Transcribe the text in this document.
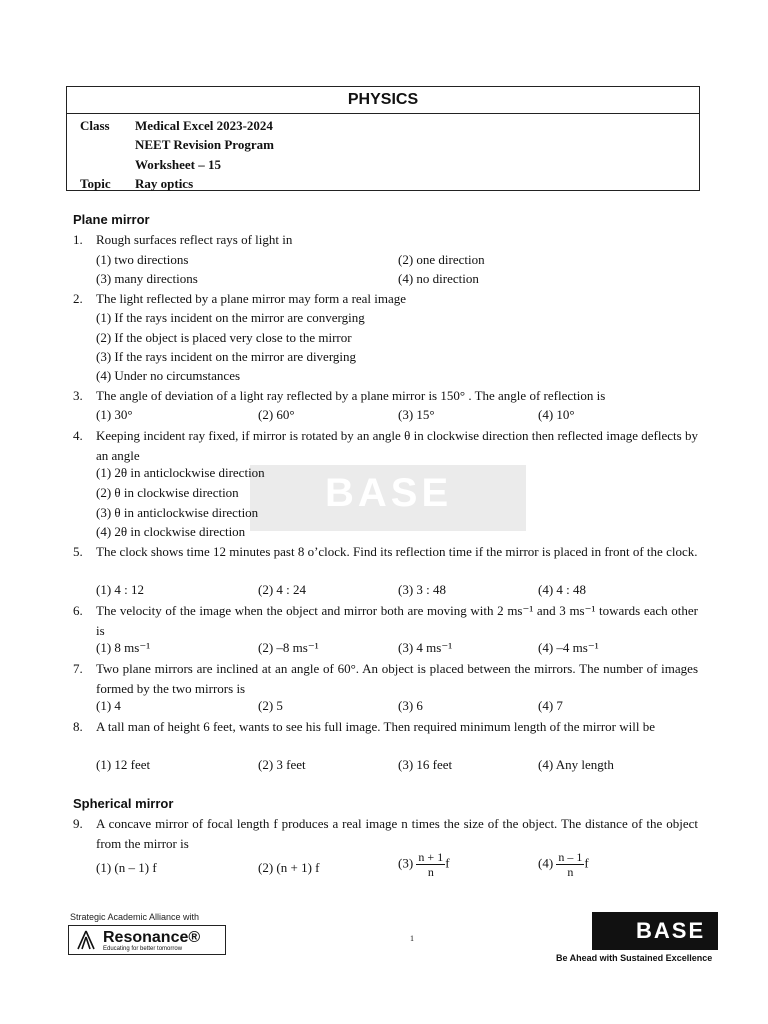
PHYSICS
Class Medical Excel 2023-2024
NEET Revision Program
Worksheet – 15
Topic Ray optics
BASE
Plane mirror
1. Rough surfaces reflect rays of light in
(1) two directions	(2) one direction
(3) many directions	(4) no direction
2. The light reflected by a plane mirror may form a real image
(1) If the rays incident on the mirror are converging
(2) If the object is placed very close to the mirror
(3) If the rays incident on the mirror are diverging
(4) Under no circumstances
3. The angle of deviation of a light ray reflected by a plane mirror is 150° . The angle of reflection is
(1) 30°	(2) 60°	(3) 15°	(4) 10°
4. Keeping incident ray fixed, if mirror is rotated by an angle θ in clockwise direction then reflected image deflects by an angle
(1) 2θ in anticlockwise direction
(2) θ in clockwise direction
(3) θ in anticlockwise direction
(4) 2θ in clockwise direction
5. The clock shows time 12 minutes past 8 o’clock. Find its reflection time if the mirror is placed in front of the clock.
(1) 4 : 12	(2) 4 : 24	(3) 3 : 48	(4) 4 : 48
6. The velocity of the image when the object and mirror both are moving with 2 ms⁻¹ and 3 ms⁻¹ towards each other is
(1) 8 ms⁻¹	(2) –8 ms⁻¹	(3) 4 ms⁻¹	(4) –4 ms⁻¹
7. Two plane mirrors are inclined at an angle of 60°. An object is placed between the mirrors. The number of images formed by the two mirrors is
(1) 4	(2) 5	(3) 6	(4) 7
8. A tall man of height 6 feet, wants to see his full image. Then required minimum length of the mirror will be
(1) 12 feet	(2) 3 feet	(3) 16 feet	(4) Any length
Spherical mirror
9. A concave mirror of focal length f produces a real image n times the size of the object. The distance of the object from the mirror is
(1) (n – 1) f	(2) (n + 1) f	$(3) \frac{n + 1}{n}$ f	$(4) \frac{n - 1}{n}$ f
Strategic Academic Alliance with
Resonance®
Educating for better tomorrow
1	BASE
Be Ahead with Sustained Excellence
